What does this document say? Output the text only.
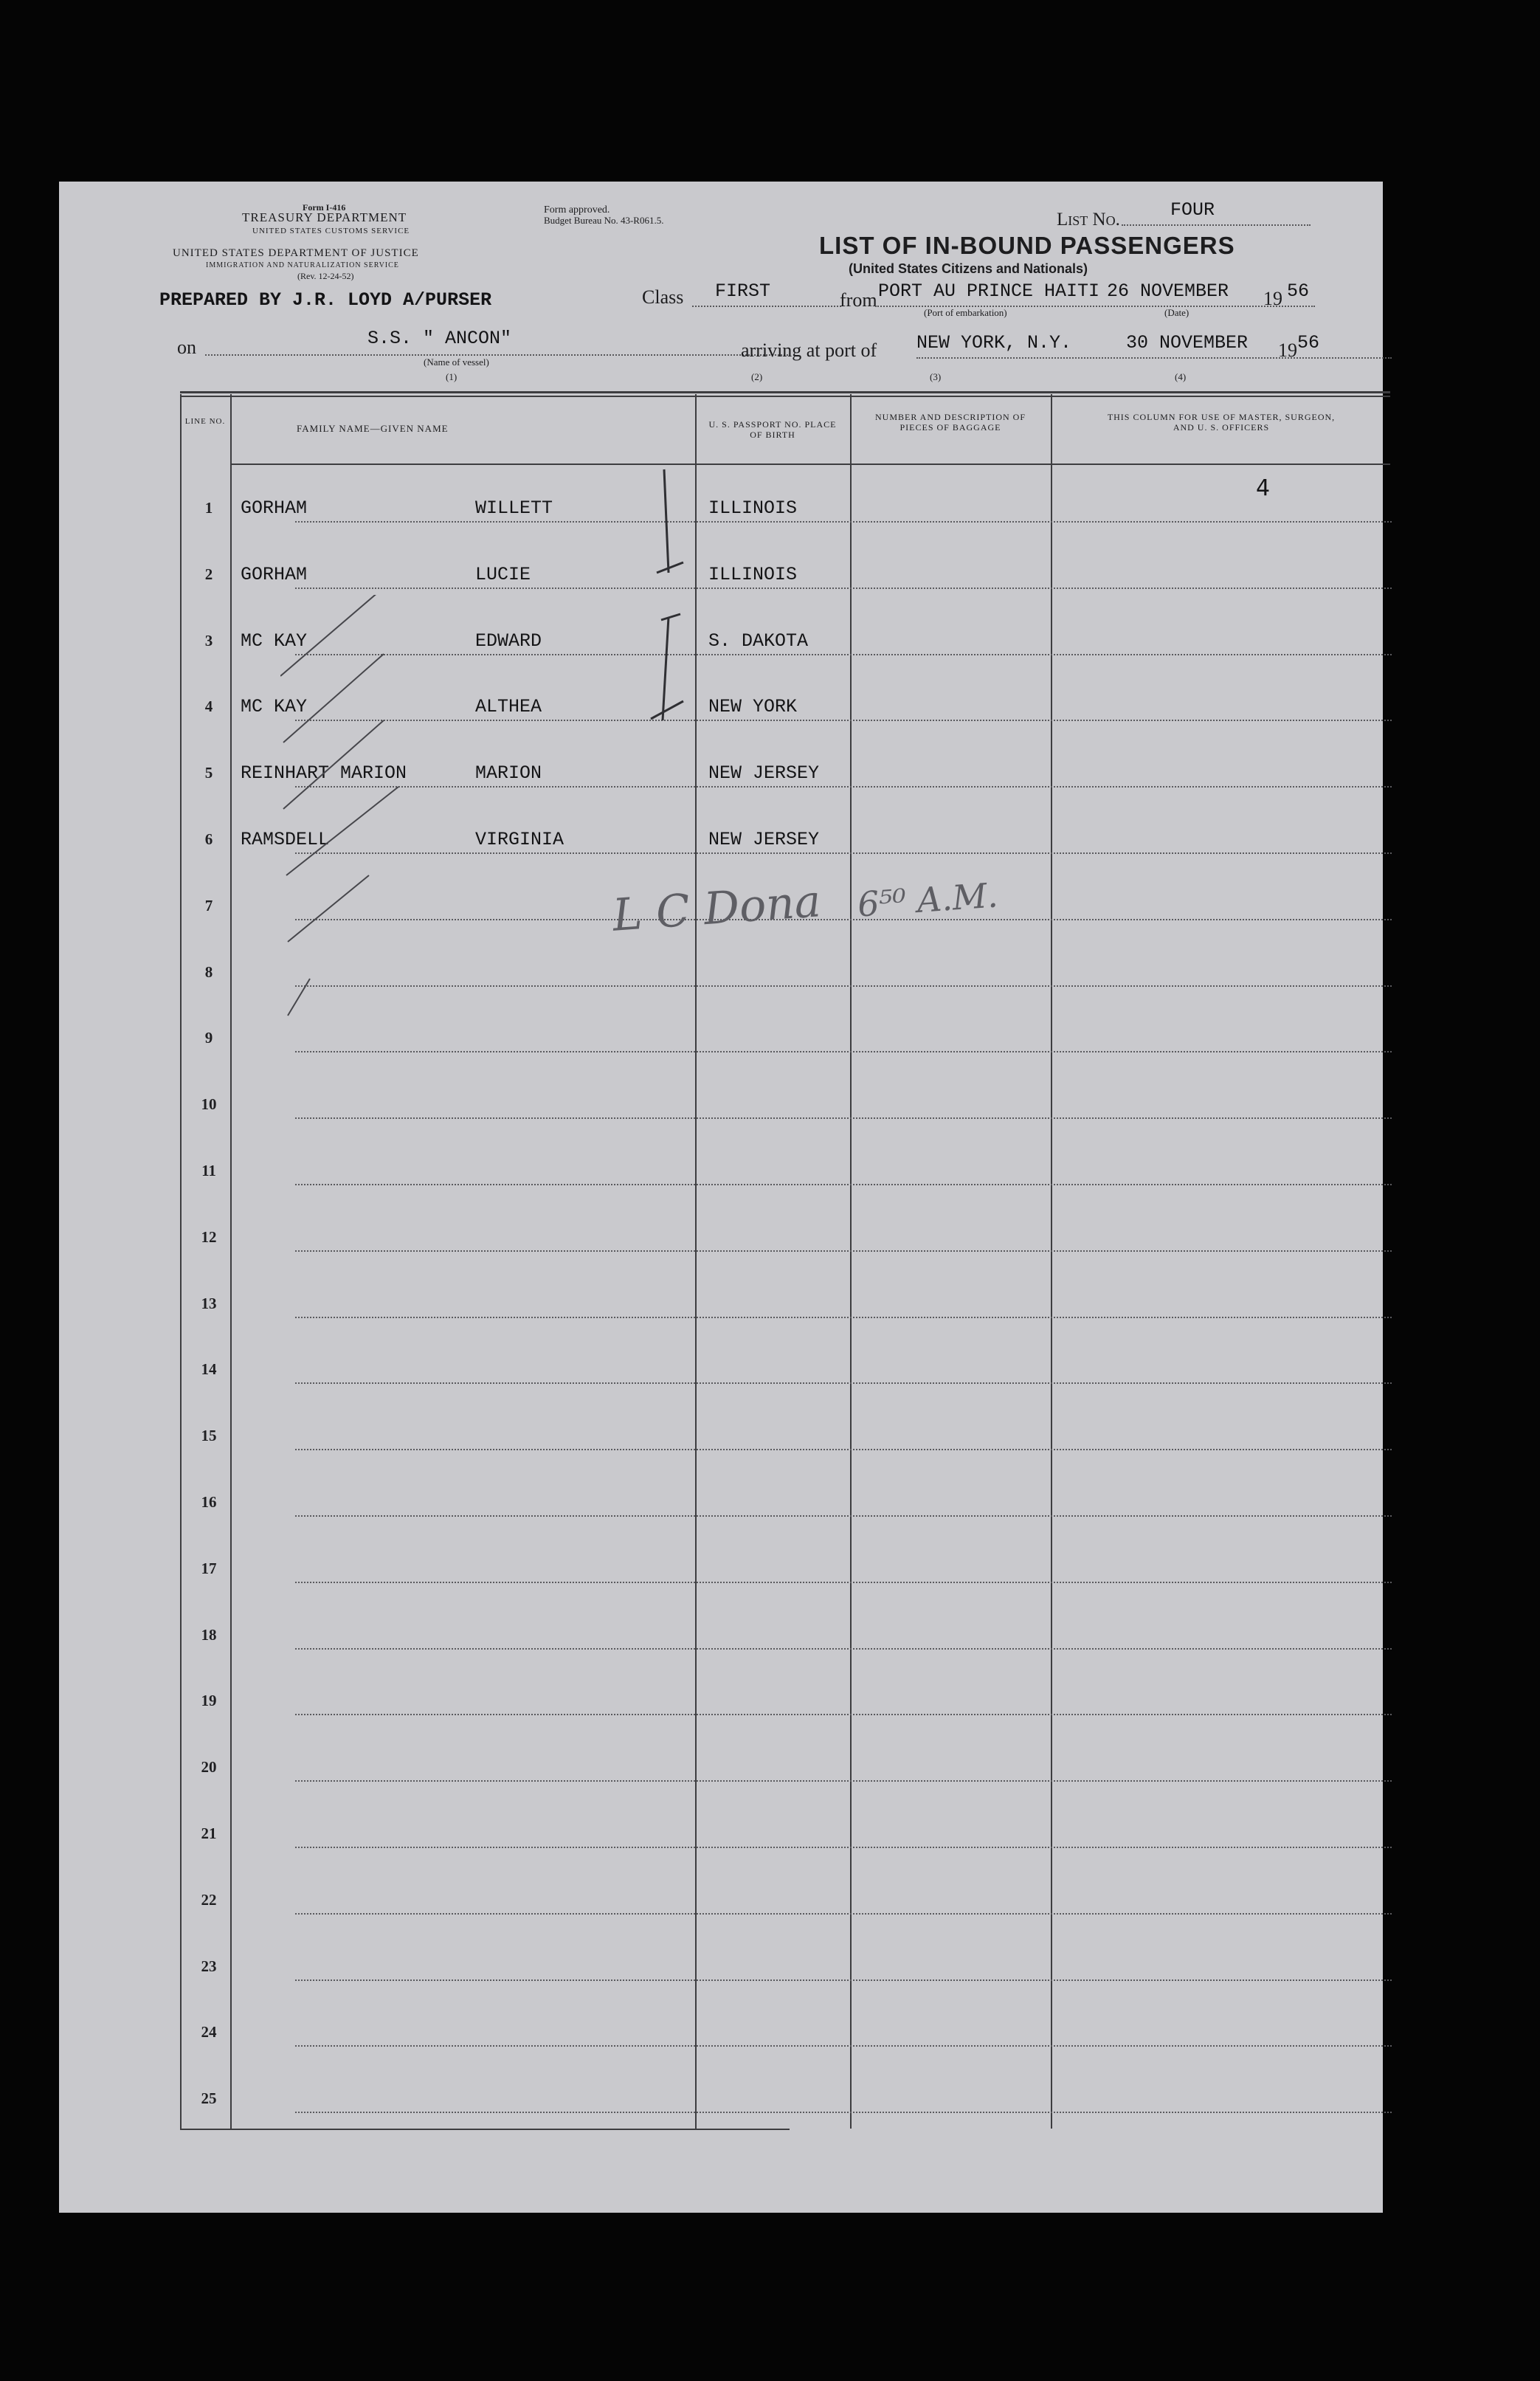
Form I-416
TREASURY DEPARTMENT
UNITED STATES CUSTOMS SERVICE
UNITED STATES DEPARTMENT OF JUSTICE
IMMIGRATION AND NATURALIZATION SERVICE
(Rev. 12-24-52)
Form approved.
Budget Bureau No. 43-R061.5.	List No.	FOUR
LIST OF IN-BOUND PASSENGERS
(United States Citizens and Nationals)
PREPARED BY J.R. LOYD A/PURSER	Class FIRST	from PORT AU PRINCE HAITI 26 NOVEMBER 19 56
(Port of embarkation)	(Date)
on	S.S. " ANCON"
(Name of vessel)
arriving at port of NEW YORK, N.Y.	30 NOVEMBER 19 56
(1)	(2)	(3)	(4)
LINE NO.
FAMILY NAME—GIVEN NAME	U. S. PASSPORT NO. PLACE OF BIRTH
NUMBER AND DESCRIPTION OF PIECES OF BAGGAGE
THIS COLUMN FOR USE OF MASTER, SURGEON, AND U. S. OFFICERS
1	GORHAM	WILLETT	ILLINOIS
4
2	GORHAM	LUCIE	ILLINOIS
3	MC KAY	EDWARD	S. DAKOTA
4	MC KAY	ALTHEA	NEW YORK
5	REINHART MARION	MARION	NEW JERSEY
6	RAMSDELL	VIRGINIA	NEW JERSEY
7
8
9
10
11
12
13
14
15
16
17
18
19
20
21
22
23
24
25
L C Dona 6⁵⁰ A.M.
